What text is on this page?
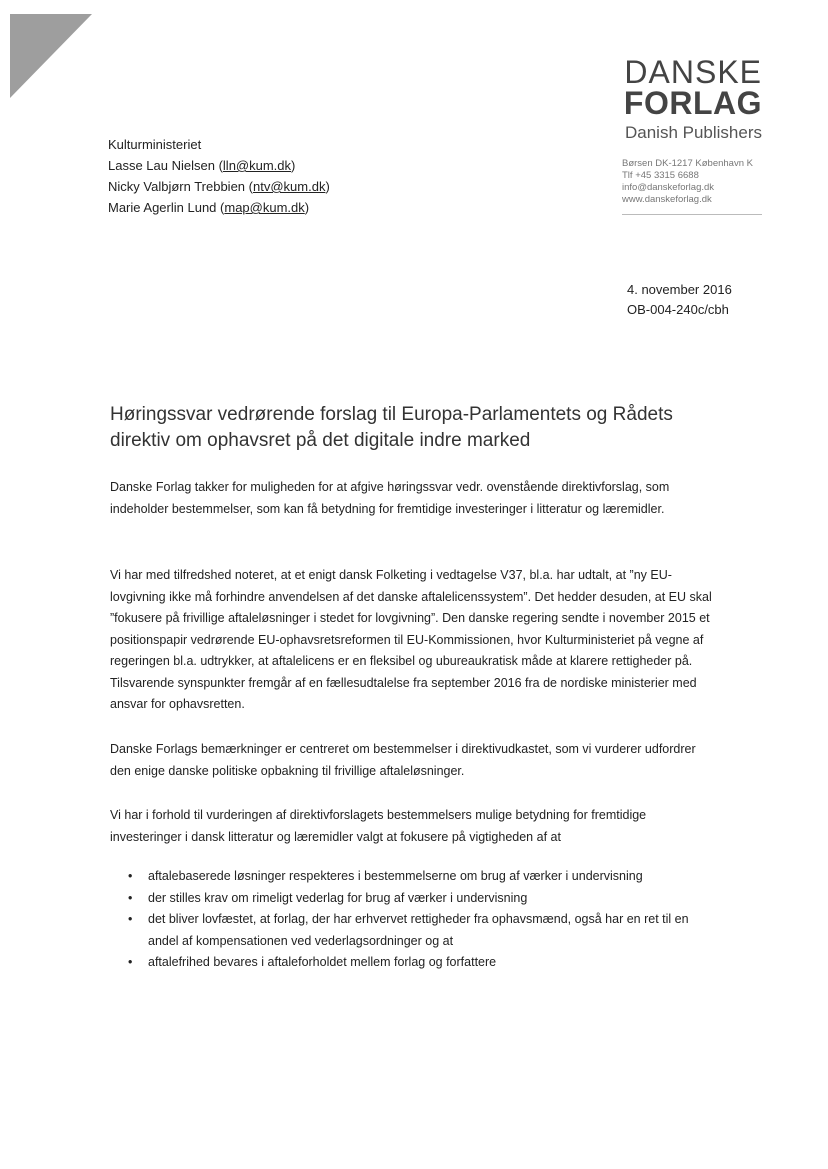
DANSKE
FORLAG
Danish Publishers
Børsen DK-1217 København K
Tlf +45 3315 6688
info@danskeforlag.dk
www.danskeforlag.dk
Kulturministeriet
Lasse Lau Nielsen (lln@kum.dk)
Nicky Valbjørn Trebbien (ntv@kum.dk)
Marie Agerlin Lund (map@kum.dk)
4. november 2016
OB-004-240c/cbh
Høringssvar vedrørende forslag til Europa-Parlamentets og Rådets direktiv om ophavsret på det digitale indre marked

Danske Forlag takker for muligheden for at afgive høringssvar vedr. ovenstående direktivforslag, som indeholder bestemmelser, som kan få betydning for fremtidige investeringer i litteratur og læremidler.

Vi har med tilfredshed noteret, at et enigt dansk Folketing i vedtagelse V37, bl.a. har udtalt, at ”ny EU-lovgivning ikke må forhindre anvendelsen af det danske aftalelicenssystem”. Det hedder desuden, at EU skal ”fokusere på frivillige aftaleløsninger i stedet for lovgivning”. Den danske regering sendte i november 2015 et positionspapir vedrørende EU-ophavsretsreformen til EU-Kommissionen, hvor Kulturministeriet på vegne af regeringen bl.a. udtrykker, at aftalelicens er en fleksibel og ubureaukratisk måde at klarere rettigheder på. Tilsvarende synspunkter fremgår af en fællesudtalelse fra september 2016 fra de nordiske ministerier med ansvar for ophavsretten.

Danske Forlags bemærkninger er centreret om bestemmelser i direktivudkastet, som vi vurderer udfordrer den enige danske politiske opbakning til frivillige aftaleløsninger.

Vi har i forhold til vurderingen af direktivforslagets bestemmelsers mulige betydning for fremtidige investeringer i dansk litteratur og læremidler valgt at fokusere på vigtigheden af at

• aftalebaserede løsninger respekteres i bestemmelserne om brug af værker i undervisning
• der stilles krav om rimeligt vederlag for brug af værker i undervisning
• det bliver lovfæstet, at forlag, der har erhvervet rettigheder fra ophavsmænd, også har en ret til en andel af kompensationen ved vederlagsordninger og at
• aftalefrihed bevares i aftaleforholdet mellem forlag og forfattere
